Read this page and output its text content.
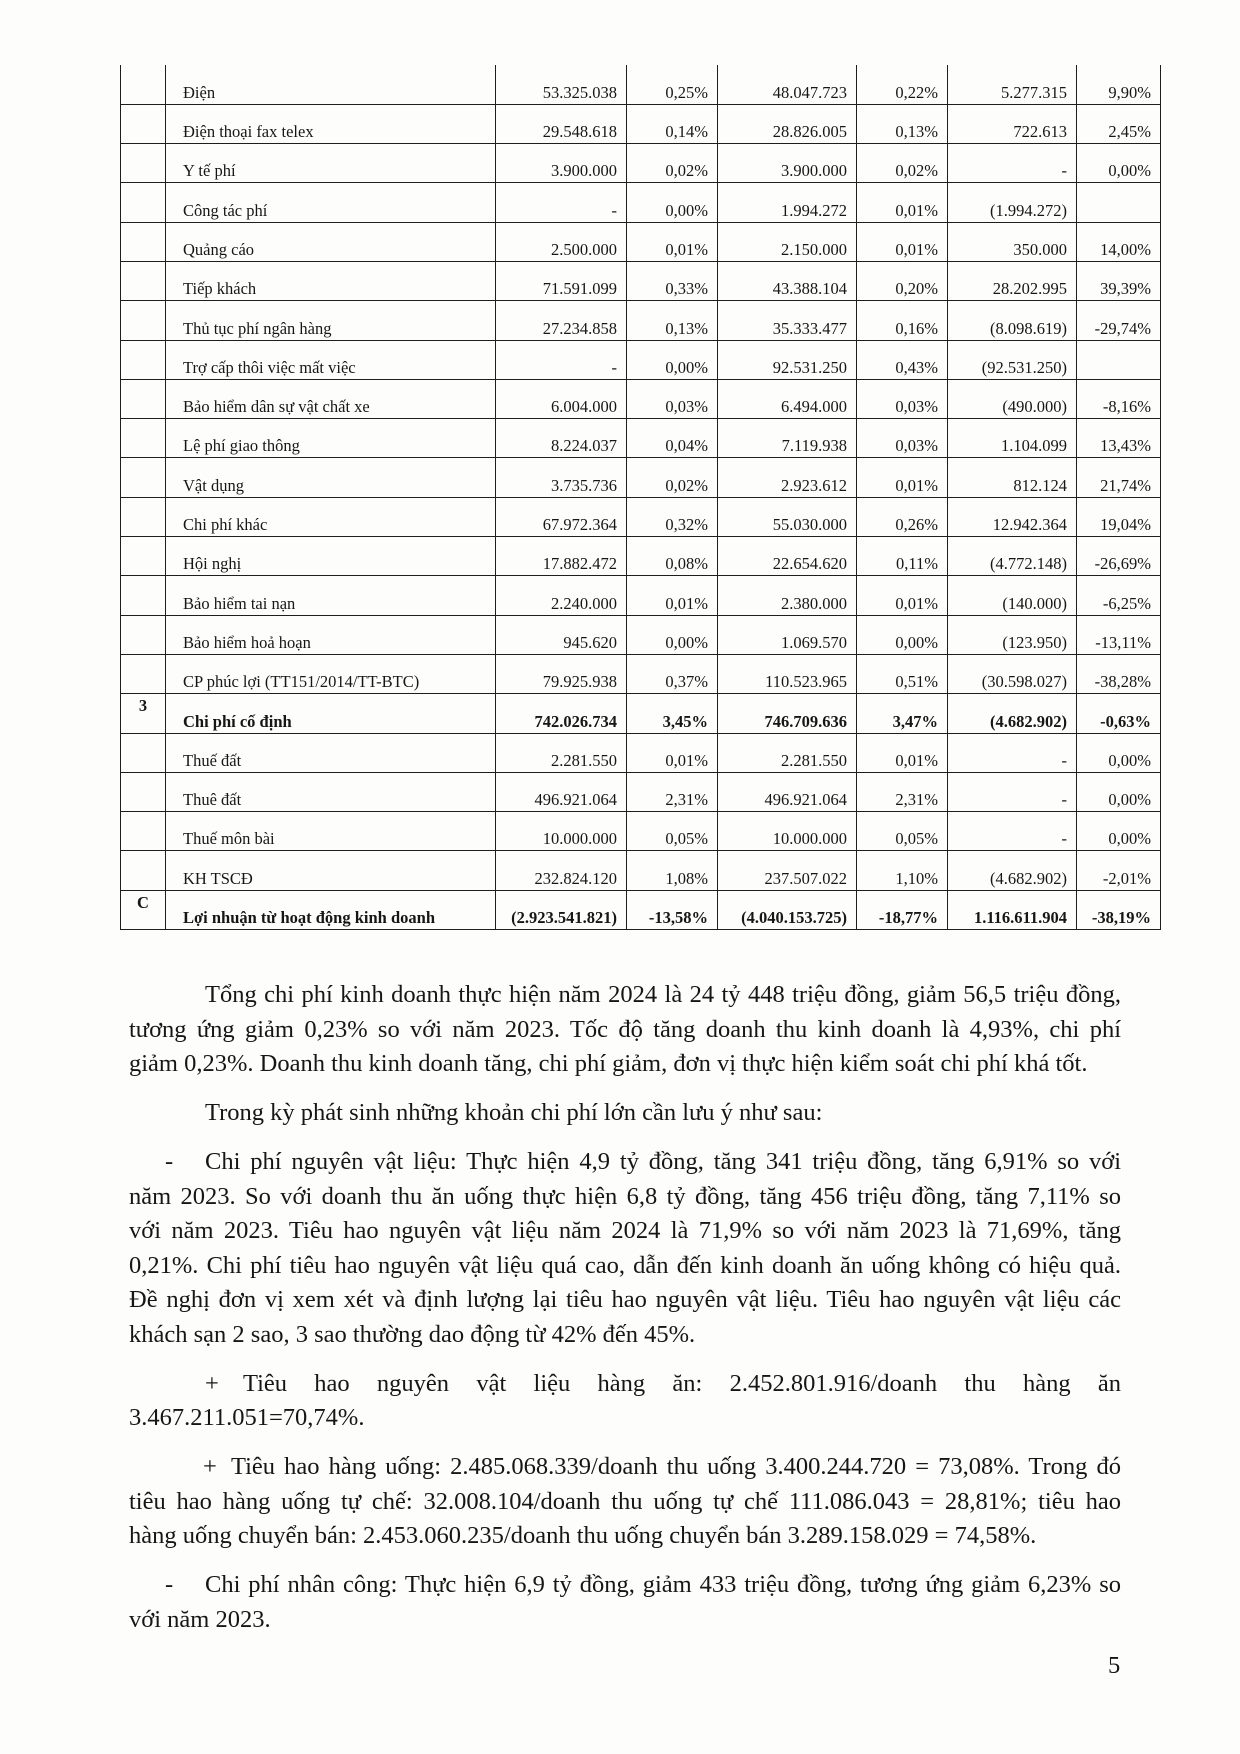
	Điện	53.325.038	0,25%	48.047.723	0,22%	5.277.315	9,90%
	Điện thoại fax telex	29.548.618	0,14%	28.826.005	0,13%	722.613	2,45%
	Y tế phí	3.900.000	0,02%	3.900.000	0,02%	-	0,00%
	Công tác phí	-	0,00%	1.994.272	0,01%	(1.994.272)	
	Quảng cáo	2.500.000	0,01%	2.150.000	0,01%	350.000	14,00%
	Tiếp khách	71.591.099	0,33%	43.388.104	0,20%	28.202.995	39,39%
	Thủ tục phí ngân hàng	27.234.858	0,13%	35.333.477	0,16%	(8.098.619)	-29,74%
	Trợ cấp thôi việc mất việc	-	0,00%	92.531.250	0,43%	(92.531.250)	
	Bảo hiểm dân sự vật chất xe	6.004.000	0,03%	6.494.000	0,03%	(490.000)	-8,16%
	Lệ phí giao thông	8.224.037	0,04%	7.119.938	0,03%	1.104.099	13,43%
	Vật dụng	3.735.736	0,02%	2.923.612	0,01%	812.124	21,74%
	Chi phí khác	67.972.364	0,32%	55.030.000	0,26%	12.942.364	19,04%
	Hội nghị	17.882.472	0,08%	22.654.620	0,11%	(4.772.148)	-26,69%
	Bảo hiểm tai nạn	2.240.000	0,01%	2.380.000	0,01%	(140.000)	-6,25%
	Bảo hiểm hoả hoạn	945.620	0,00%	1.069.570	0,00%	(123.950)	-13,11%
	CP phúc lợi (TT151/2014/TT-BTC)	79.925.938	0,37%	110.523.965	0,51%	(30.598.027)	-38,28%
3	Chi phí cố định	742.026.734	3,45%	746.709.636	3,47%	(4.682.902)	-0,63%
	Thuế đất	2.281.550	0,01%	2.281.550	0,01%	-	0,00%
	Thuê đất	496.921.064	2,31%	496.921.064	2,31%	-	0,00%
	Thuế môn bài	10.000.000	0,05%	10.000.000	0,05%	-	0,00%
	KH TSCĐ	232.824.120	1,08%	237.507.022	1,10%	(4.682.902)	-2,01%
C	Lợi nhuận từ hoạt động kinh doanh	(2.923.541.821)	-13,58%	(4.040.153.725)	-18,77%	1.116.611.904	-38,19%
Tổng chi phí kinh doanh thực hiện năm 2024 là 24 tỷ 448 triệu đồng, giảm 56,5 triệu đồng,
tương ứng giảm 0,23% so với năm 2023. Tốc độ tăng doanh thu kinh doanh là 4,93%, chi phí
giảm 0,23%. Doanh thu kinh doanh tăng, chi phí giảm, đơn vị thực hiện kiểm soát chi phí khá tốt.
Trong kỳ phát sinh những khoản chi phí lớn cần lưu ý như sau:
- Chi phí nguyên vật liệu: Thực hiện 4,9 tỷ đồng, tăng 341 triệu đồng, tăng 6,91% so với
năm 2023. So với doanh thu ăn uống thực hiện 6,8 tỷ đồng, tăng 456 triệu đồng, tăng 7,11% so
với năm 2023. Tiêu hao nguyên vật liệu năm 2024 là 71,9% so với năm 2023 là 71,69%, tăng
0,21%. Chi phí tiêu hao nguyên vật liệu quá cao, dẫn đến kinh doanh ăn uống không có hiệu quả.
Đề nghị đơn vị xem xét và định lượng lại tiêu hao nguyên vật liệu. Tiêu hao nguyên vật liệu các
khách sạn 2 sao, 3 sao thường dao động từ 42% đến 45%.
+ Tiêu hao nguyên vật liệu hàng ăn: 2.452.801.916/doanh thu hàng ăn
3.467.211.051=70,74%.
+ Tiêu hao hàng uống: 2.485.068.339/doanh thu uống 3.400.244.720 = 73,08%. Trong đó
tiêu hao hàng uống tự chế: 32.008.104/doanh thu uống tự chế 111.086.043 = 28,81%; tiêu hao
hàng uống chuyển bán: 2.453.060.235/doanh thu uống chuyển bán 3.289.158.029 = 74,58%.
- Chi phí nhân công: Thực hiện 6,9 tỷ đồng, giảm 433 triệu đồng, tương ứng giảm 6,23% so
với năm 2023.
5
